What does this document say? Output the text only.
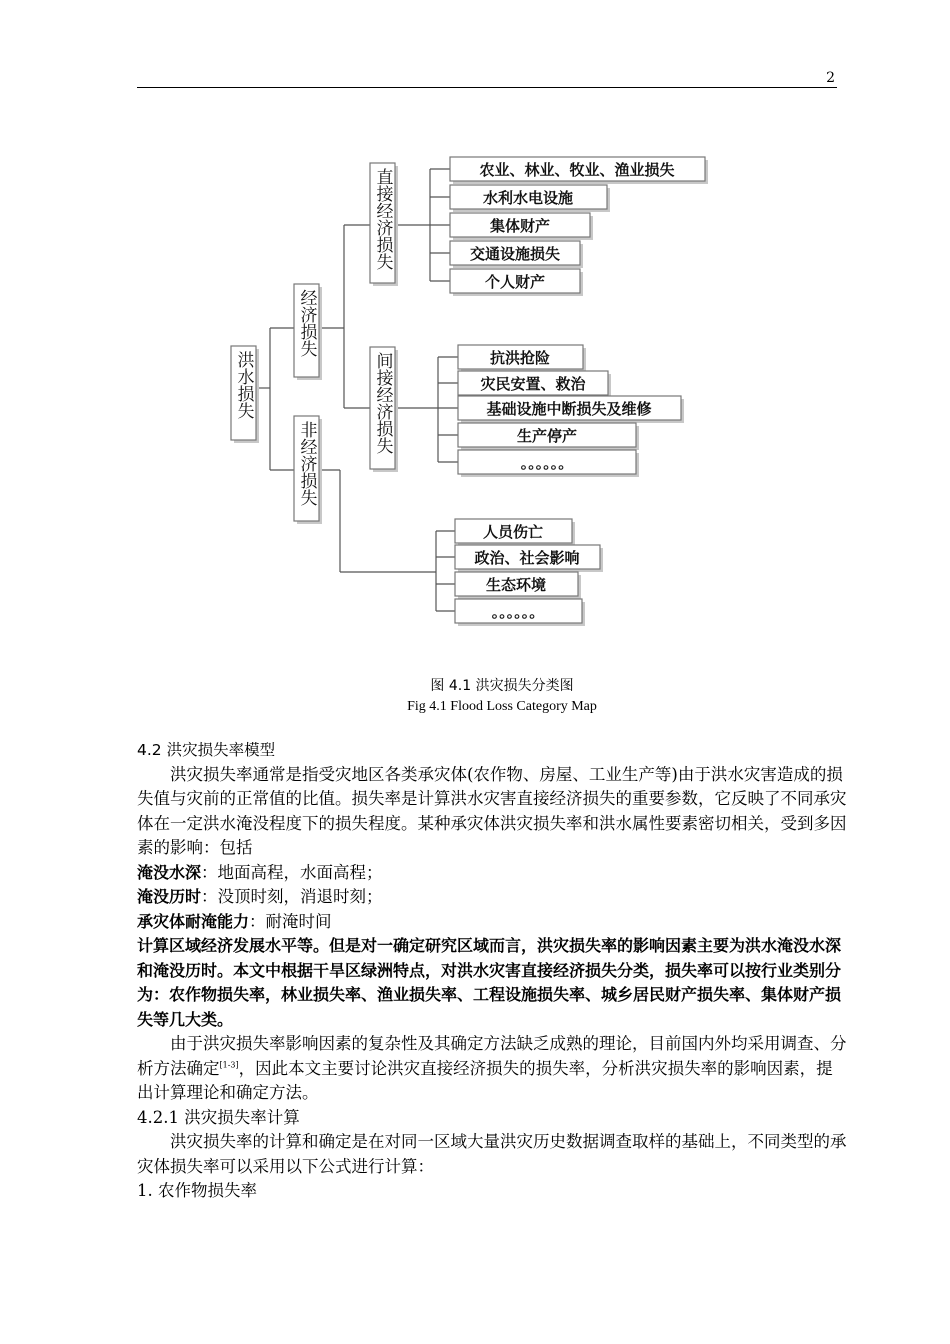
2
洪水损失
经济损失
非经济损失
直接经济损失
间接经济损失
农业、林业、牧业、渔业损失
水利水电设施
集体财产
交通设施损失
个人财产
抗洪抢险
灾民安置、救治
基础设施中断损失及维修
生产停产
。。。。。。
人员伤亡
政治、社会影响
生态环境
。。。。。。
图 4.1 洪灾损失分类图
Fig 4.1 Flood Loss Category Map

4.2 洪灾损失率模型

洪灾损失率通常是指受灾地区各类承灾体(农作物、房屋、工业生产等)由于洪水灾害造成的损失值与灾前的正常值的比值。损失率是计算洪水灾害直接经济损失的重要参数，它反映了不同承灾体在一定洪水淹没程度下的损失程度。某种承灾体洪灾损失率和洪水属性要素密切相关，受到多因素的影响：包括

淹没水深：地面高程，水面高程；

淹没历时：没顶时刻，消退时刻；

承灾体耐淹能力：耐淹时间

计算区域经济发展水平等。但是对一确定研究区域而言，洪灾损失率的影响因素主要为洪水淹没水深和淹没历时。本文中根据干旱区绿洲特点，对洪水灾害直接经济损失分类，损失率可以按行业类别分为：农作物损失率，林业损失率、渔业损失率、工程设施损失率、城乡居民财产损失率、集体财产损失等几大类。

由于洪灾损失率影响因素的复杂性及其确定方法缺乏成熟的理论，目前国内外均采用调查、分析方法确定[1-3]，因此本文主要讨论洪灾直接经济损失的损失率，分析洪灾损失率的影响因素，提出计算理论和确定方法。

4.2.1 洪灾损失率计算

洪灾损失率的计算和确定是在对同一区域大量洪灾历史数据调查取样的基础上，不同类型的承灾体损失率可以采用以下公式进行计算：

1. 农作物损失率
